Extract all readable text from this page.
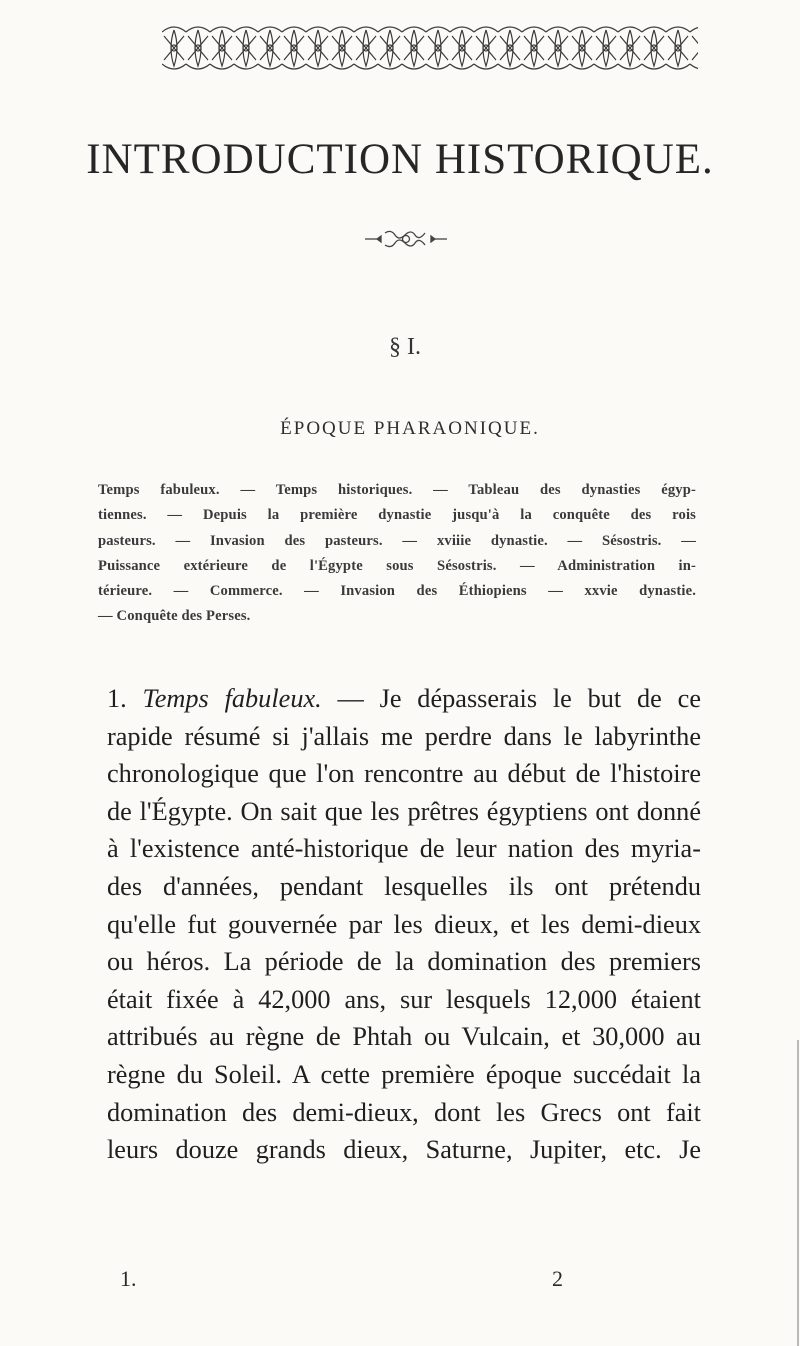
INTRODUCTION HISTORIQUE.
§ I.
ÉPOQUE PHARAONIQUE.
Temps fabuleux. — Temps historiques. — Tableau des dynasties égyp-
tiennes. — Depuis la première dynastie jusqu'à la conquête des rois
pasteurs. — Invasion des pasteurs. — xviiie dynastie. — Sésostris. —
Puissance extérieure de l'Égypte sous Sésostris. — Administration in-
térieure. — Commerce. — Invasion des Éthiopiens — xxvie dynastie.
— Conquête des Perses.
1. Temps fabuleux. — Je dépasserais le but de ce
rapide résumé si j'allais me perdre dans le labyrinthe
chronologique que l'on rencontre au début de l'histoire
de l'Égypte. On sait que les prêtres égyptiens ont donné
à l'existence anté-historique de leur nation des myria-
des d'années, pendant lesquelles ils ont prétendu
qu'elle fut gouvernée par les dieux, et les demi-dieux
ou héros. La période de la domination des premiers
était fixée à 42,000 ans, sur lesquels 12,000 étaient
attribués au règne de Phtah ou Vulcain, et 30,000 au
règne du Soleil. A cette première époque succédait la
domination des demi-dieux, dont les Grecs ont fait
leurs douze grands dieux, Saturne, Jupiter, etc. Je
1.	2
